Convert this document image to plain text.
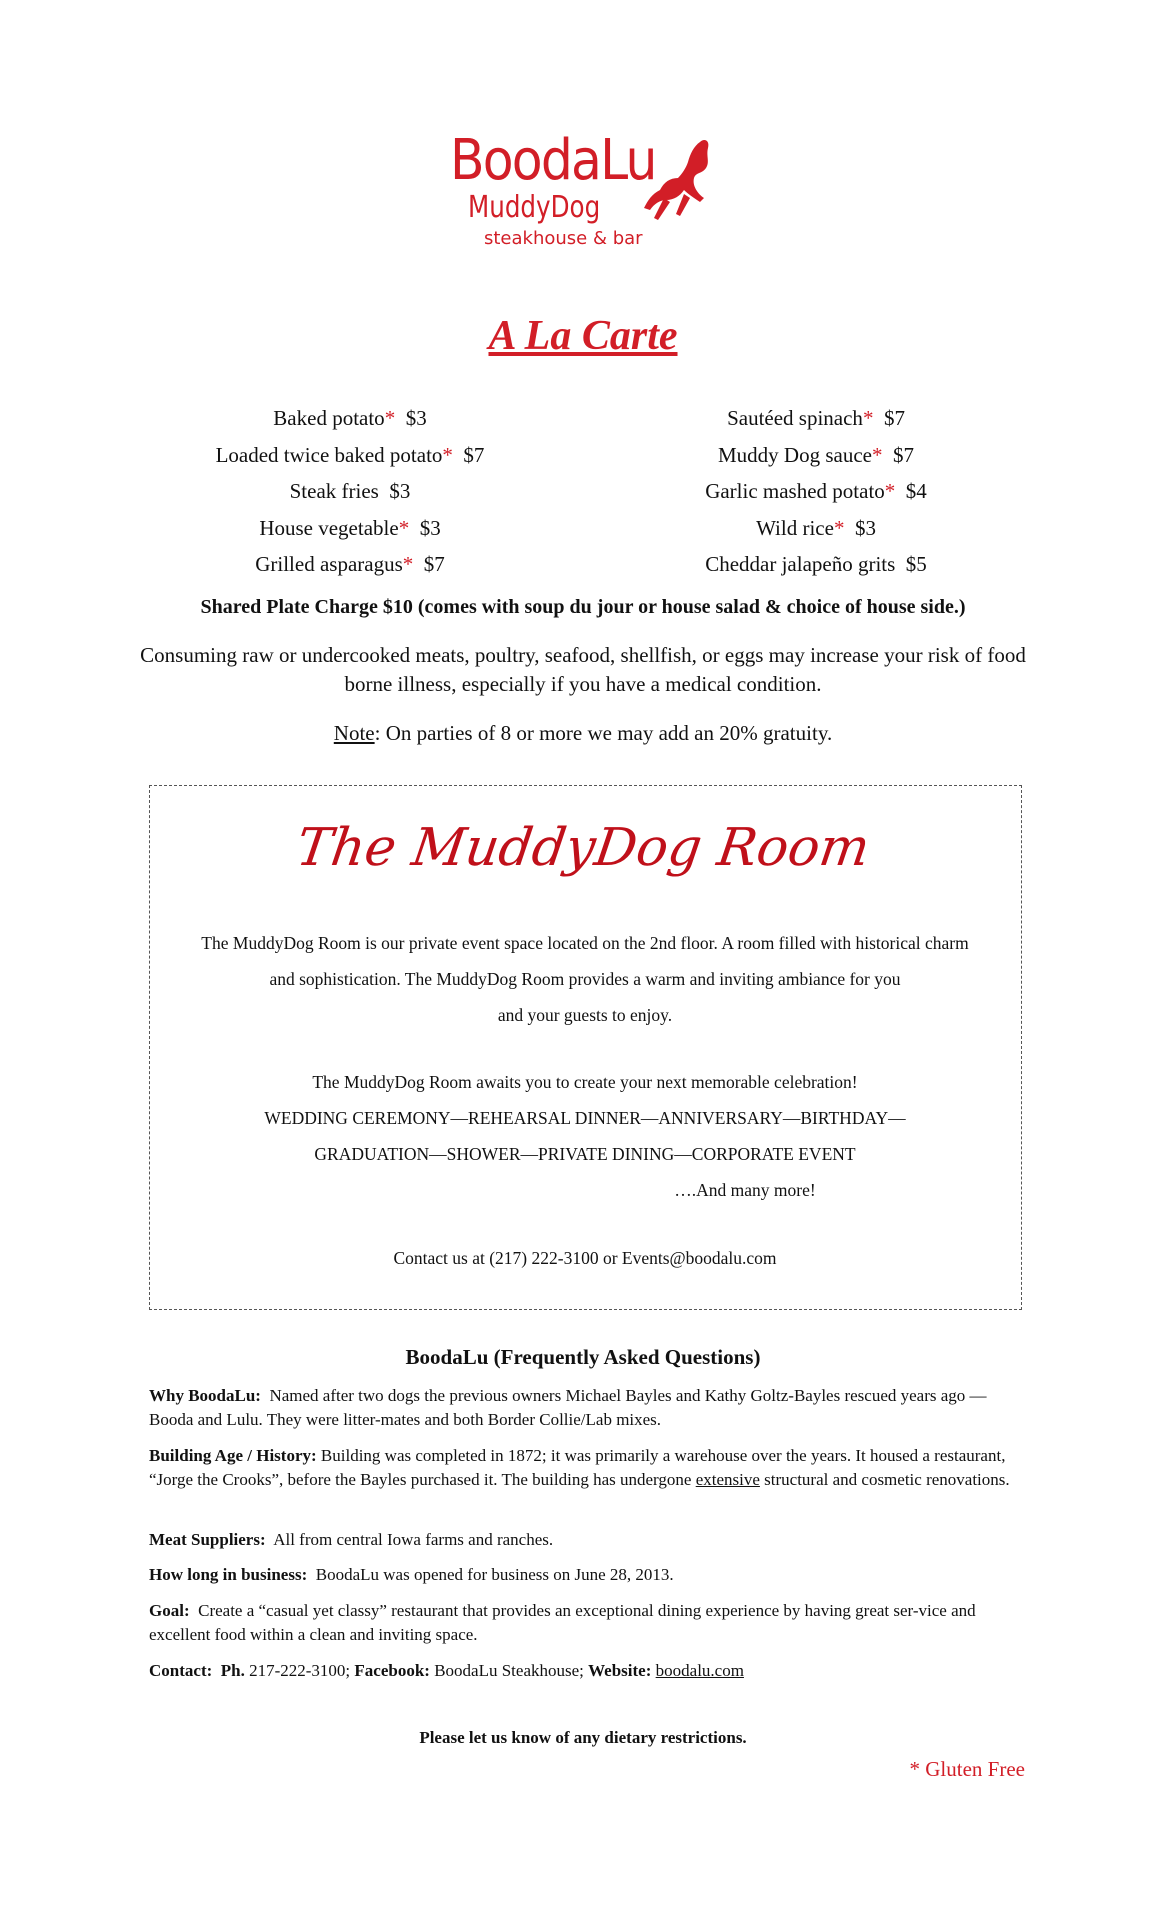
BoodaLu
MuddyDog
steakhouse & bar
A La Carte
Baked potato* $3
Loaded twice baked potato* $7
Steak fries $3
House vegetable* $3
Grilled asparagus* $7
Sautéed spinach* $7
Muddy Dog sauce* $7
Garlic mashed potato* $4
Wild rice* $3
Cheddar jalapeño grits $5
Shared Plate Charge $10 (comes with soup du jour or house salad & choice of house side.)
Consuming raw or undercooked meats, poultry, seafood, shellfish, or eggs may increase your risk of food borne illness, especially if you have a medical condition.
Note: On parties of 8 or more we may add an 20% gratuity.
The MuddyDog Room
The MuddyDog Room is our private event space located on the 2nd floor. A room filled with historical charm
and sophistication. The MuddyDog Room provides a warm and inviting ambiance for you
and your guests to enjoy.
The MuddyDog Room awaits you to create your next memorable celebration!
WEDDING CEREMONY—REHEARSAL DINNER—ANNIVERSARY—BIRTHDAY—
GRADUATION—SHOWER—PRIVATE DINING—CORPORATE EVENT
….And many more!
Contact us at (217) 222-3100 or Events@boodalu.com
BoodaLu (Frequently Asked Questions)
Why BoodaLu: Named after two dogs the previous owners Michael Bayles and Kathy Goltz-Bayles rescued years ago — Booda and Lulu. They were litter-mates and both Border Collie/Lab mixes.
Building Age / History: Building was completed in 1872; it was primarily a warehouse over the years. It housed a restaurant, “Jorge the Crooks”, before the Bayles purchased it. The building has undergone extensive structural and cosmetic renovations.
Meat Suppliers: All from central Iowa farms and ranches.
How long in business: BoodaLu was opened for business on June 28, 2013.
Goal: Create a “casual yet classy” restaurant that provides an exceptional dining experience by having great ser-vice and excellent food within a clean and inviting space.
Contact: Ph. 217-222-3100; Facebook: BoodaLu Steakhouse; Website: boodalu.com
Please let us know of any dietary restrictions.
* Gluten Free
